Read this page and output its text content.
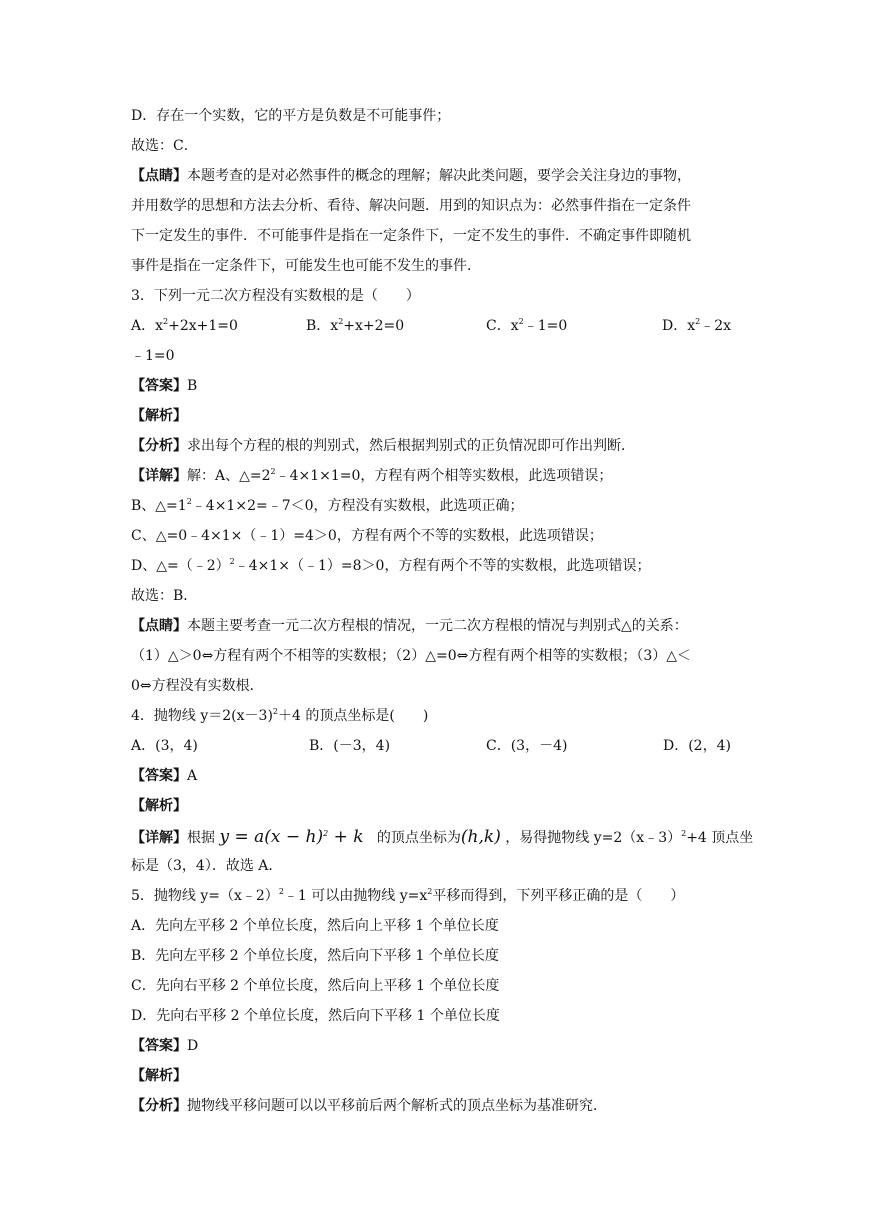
D．存在一个实数，它的平方是负数是不可能事件；
故选：C．
【点睛】本题考查的是对必然事件的概念的理解；解决此类问题，要学会关注身边的事物，
并用数学的思想和方法去分析、看待、解决问题．用到的知识点为：必然事件指在一定条件
下一定发生的事件．不可能事件是指在一定条件下，一定不发生的事件．不确定事件即随机
事件是指在一定条件下，可能发生也可能不发生的事件．
3．下列一元二次方程没有实数根的是（　　）
A．$x^2+2x+1=0$	B．$x^2+x+2=0$	C．$x^2﹣1=0$	D．$x^2﹣2x$
﹣1=0
【答案】B
【解析】
【分析】求出每个方程的根的判别式，然后根据判别式的正负情况即可作出判断．
【详解】解：A、$\triangle=2^2﹣4\times 1\times 1=0$，方程有两个相等实数根，此选项错误；
B、$\triangle=1^2﹣4\times 1\times 2=﹣7<0$，方程没有实数根，此选项正确；
C、△=0﹣4×1×（﹣1）=4＞0，方程有两个不等的实数根，此选项错误；
D、△=（﹣2）$^2$﹣4×1×（﹣1）=8＞0，方程有两个不等的实数根，此选项错误；
故选：B．
【点睛】本题主要考查一元二次方程根的情况，一元二次方程根的情况与判别式△的关系：
（1）△＞0⇔方程有两个不相等的实数根；（2）△=0⇔方程有两个相等的实数根；（3）△＜
0⇔方程没有实数根．
4．抛物线 $y=2(x-3)^2+4$ 的顶点坐标是(　　)
A．(3，4)	B．(－3，4)	C．(3，－4)	D．(2，4)
【答案】A
【解析】
【详解】根据 $y = a(x - h)^2 + k$ 的顶点坐标为(h,k) ，易得抛物线 y=2（x﹣3）$^2$+4 顶点坐
标是（3，4）．故选 A．
5．抛物线 y=（x﹣2）$^2$﹣1 可以由抛物线 $y=x^2$平移而得到，下列平移正确的是（　　）
A．先向左平移 2 个单位长度，然后向上平移 1 个单位长度
B．先向左平移 2 个单位长度，然后向下平移 1 个单位长度
C．先向右平移 2 个单位长度，然后向上平移 1 个单位长度
D．先向右平移 2 个单位长度，然后向下平移 1 个单位长度
【答案】D
【解析】
【分析】抛物线平移问题可以以平移前后两个解析式的顶点坐标为基准研究．
